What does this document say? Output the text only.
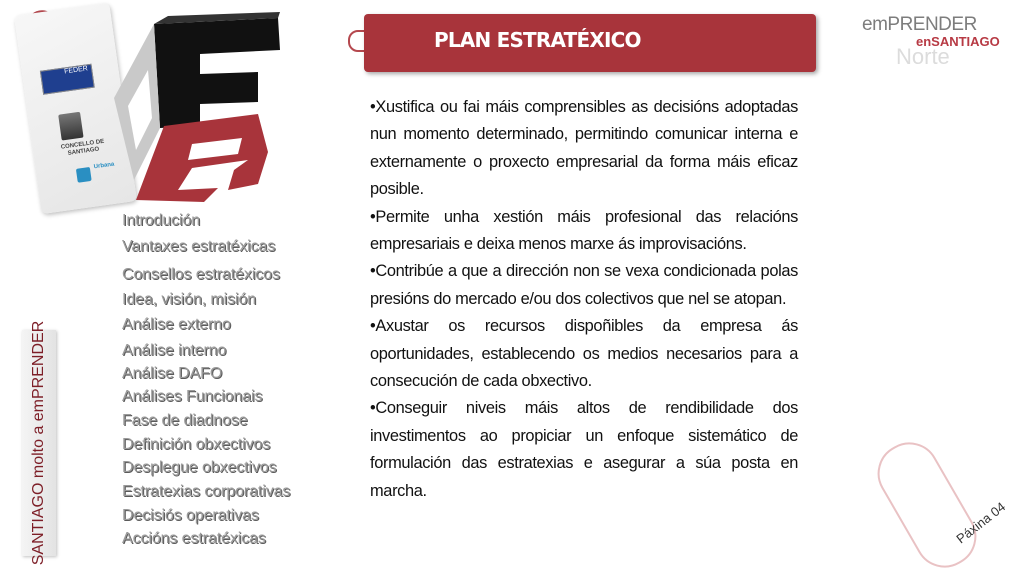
FEDER
CONCELLO DE SANTIAGO
Urbana
SANTIAGO molto a emPRENDER
PLAN ESTRATÉXICO
emPRENDER
enSANTIAGO
Norte
Introdución
Vantaxes estratéxicas
Consellos estratéxicos
Idea, visión, misión
Análise externo
Análise interno
Análise DAFO
Análises Funcionais
Fase de diadnose
Definición obxectivos
Desplegue obxectivos
Estratexias corporativas
Decisiós operativas
Accións estratéxicas

•Xustifica ou fai máis comprensibles as decisións adoptadas nun momento determinado, permitindo comunicar interna e externamente o proxecto empresarial da forma máis eficaz posible.

•Permite unha xestión máis profesional das relacións empresariais e deixa menos marxe ás improvisacións.

•Contribúe a que a dirección non se vexa condicionada polas presións do mercado e/ou dos colectivos que nel se atopan.

•Axustar os recursos dispoñibles da empresa ás oportunidades, establecendo os medios necesarios para a consecución de cada obxectivo.

•Conseguir niveis máis altos de rendibilidade dos investimentos ao propiciar un enfoque sistemático de formulación das estratexias e asegurar a súa posta en marcha.

Páxina 04
